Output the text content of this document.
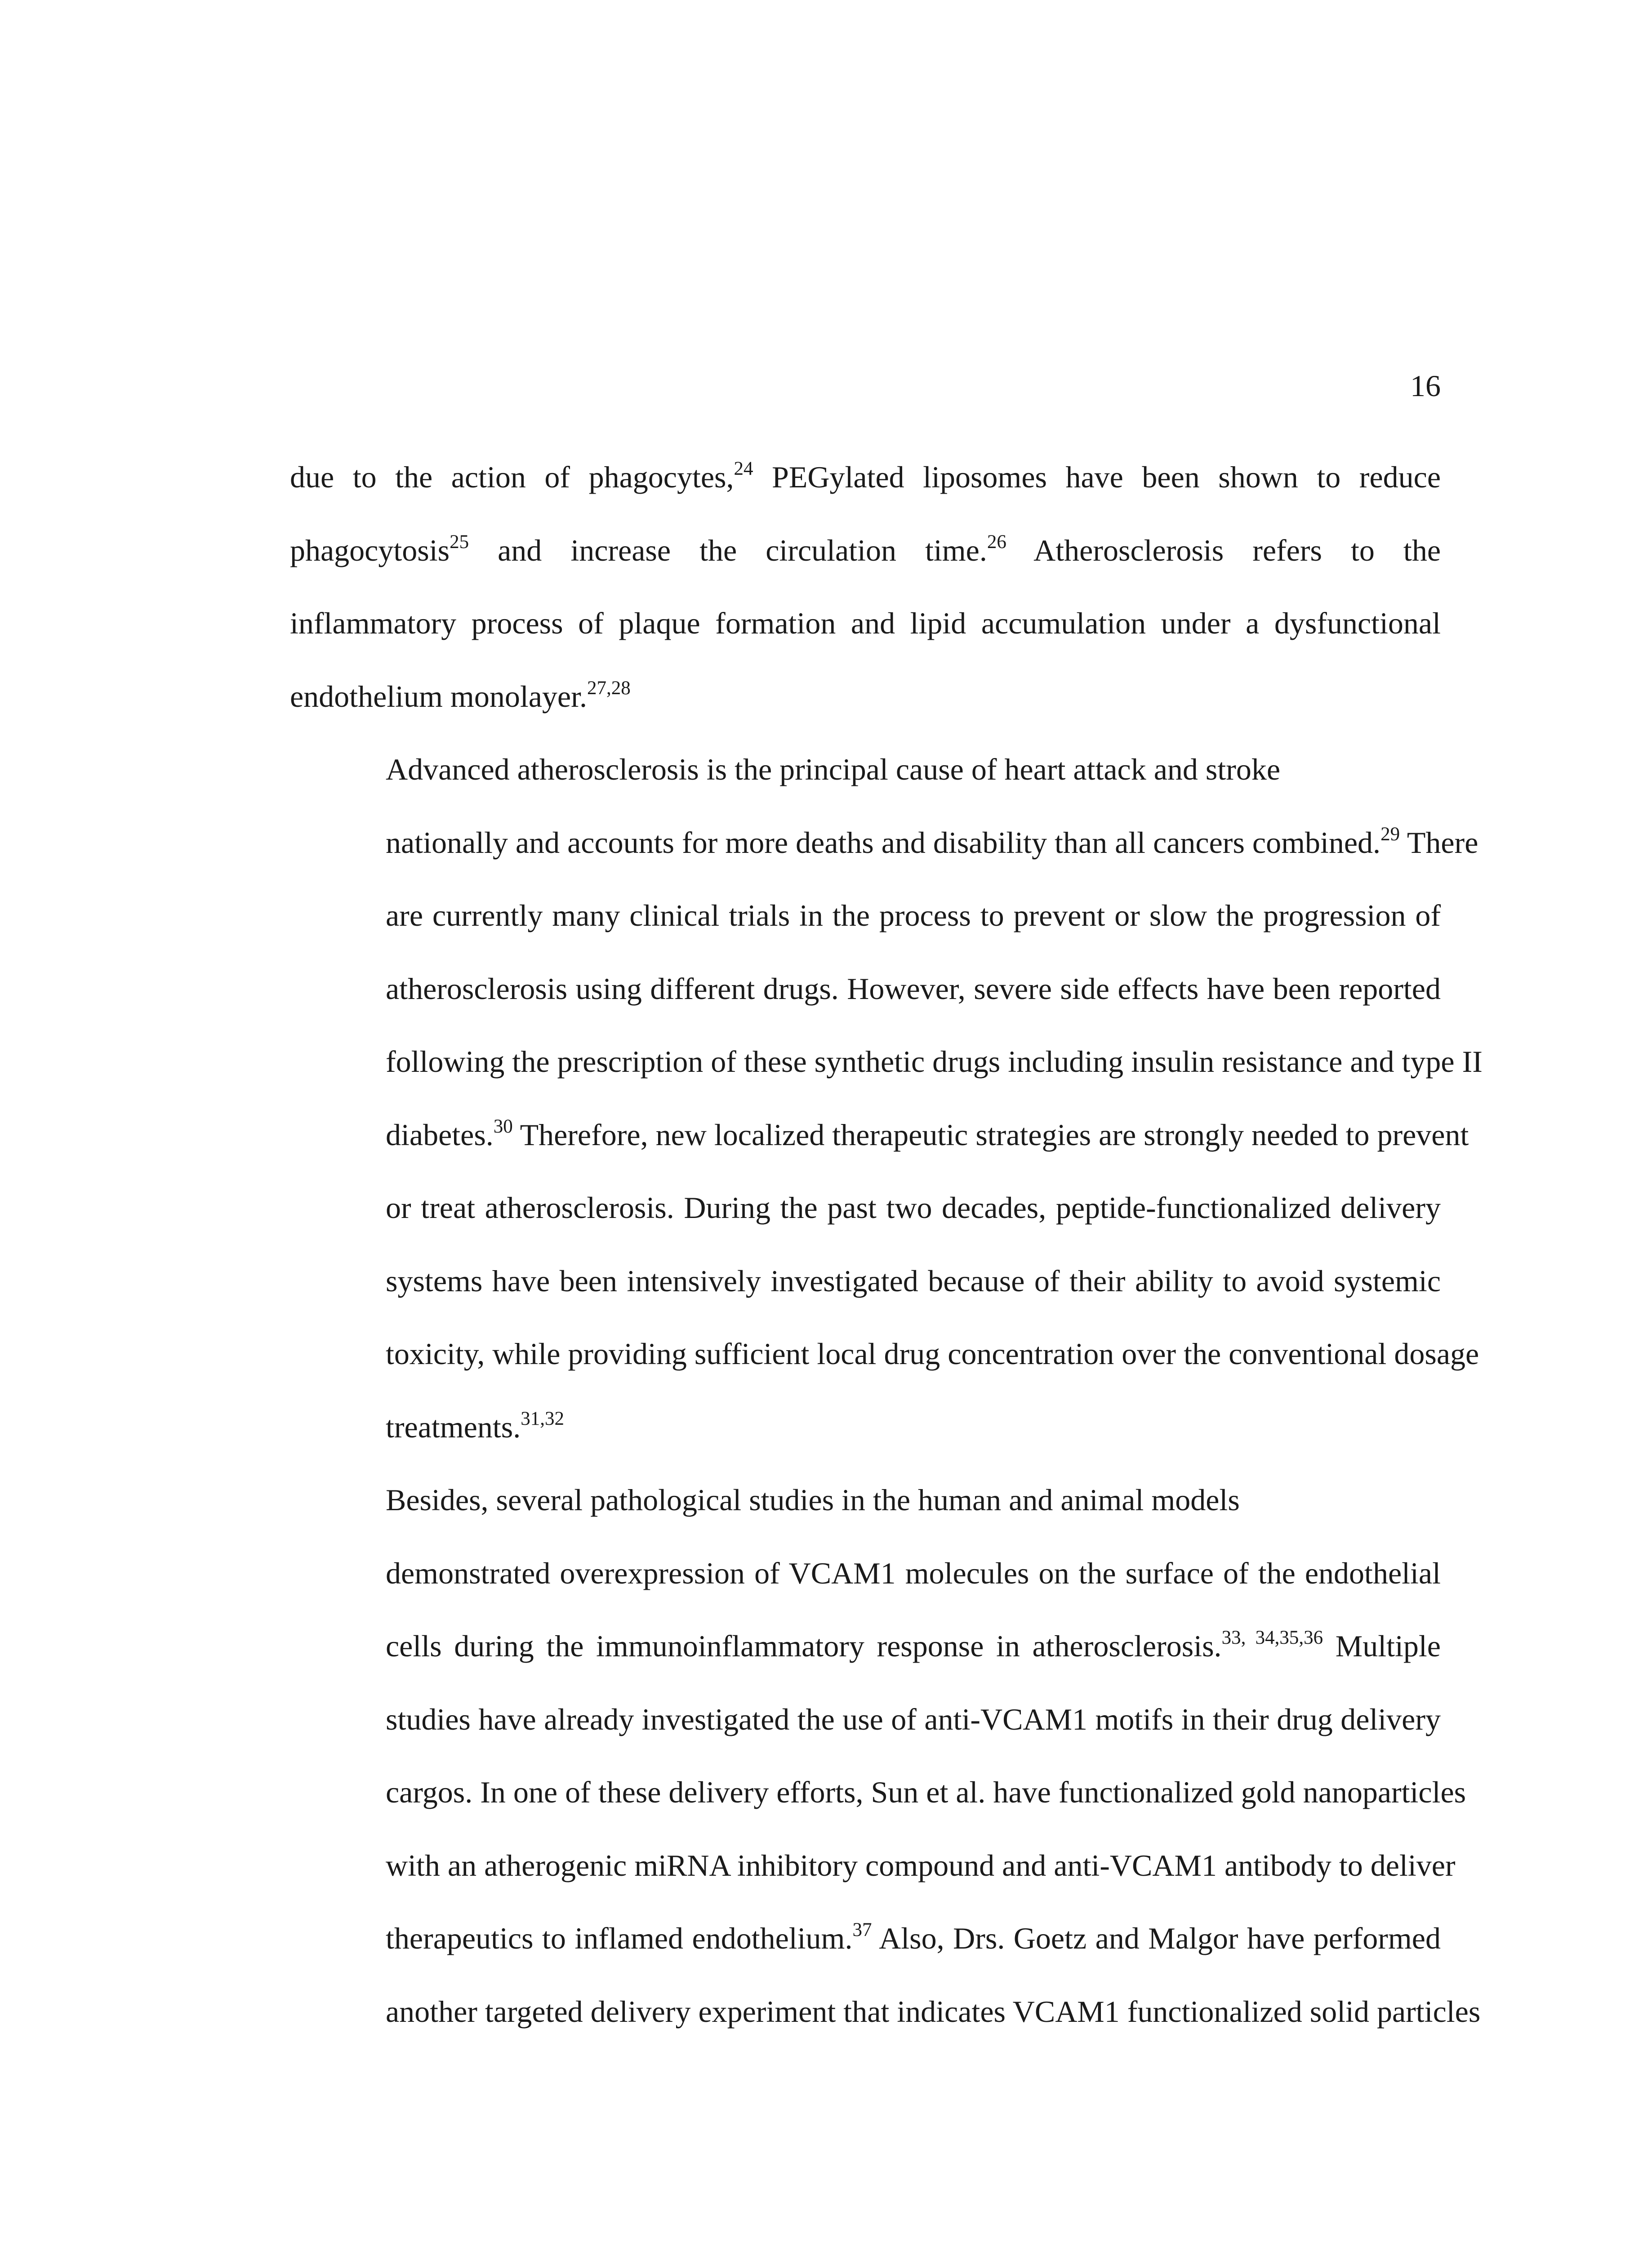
16

due to the action of phagocytes,$^{24}$ PEGylated liposomes have been shown to reduce
phagocytosis$^{25}$ and increase the circulation time.$^{26}$ Atherosclerosis refers to the
inflammatory process of plaque formation and lipid accumulation under a dysfunctional
endothelium monolayer.$^{27,28}$

Advanced atherosclerosis is the principal cause of heart attack and stroke
nationally and accounts for more deaths and disability than all cancers combined.$^{29}$ There
are currently many clinical trials in the process to prevent or slow the progression of
atherosclerosis using different drugs. However, severe side effects have been reported
following the prescription of these synthetic drugs including insulin resistance and type II
diabetes.$^{30}$ Therefore, new localized therapeutic strategies are strongly needed to prevent
or treat atherosclerosis. During the past two decades, peptide-functionalized delivery
systems have been intensively investigated because of their ability to avoid systemic
toxicity, while providing sufficient local drug concentration over the conventional dosage
treatments.$^{31,32}$

Besides, several pathological studies in the human and animal models
demonstrated overexpression of VCAM1 molecules on the surface of the endothelial
cells during the immunoinflammatory response in atherosclerosis.$^{33, 34,35,36}$ Multiple
studies have already investigated the use of anti-VCAM1 motifs in their drug delivery
cargos. In one of these delivery efforts, Sun et al. have functionalized gold nanoparticles
with an atherogenic miRNA inhibitory compound and anti-VCAM1 antibody to deliver
therapeutics to inflamed endothelium.$^{37}$ Also, Drs. Goetz and Malgor have performed
another targeted delivery experiment that indicates VCAM1 functionalized solid particles
